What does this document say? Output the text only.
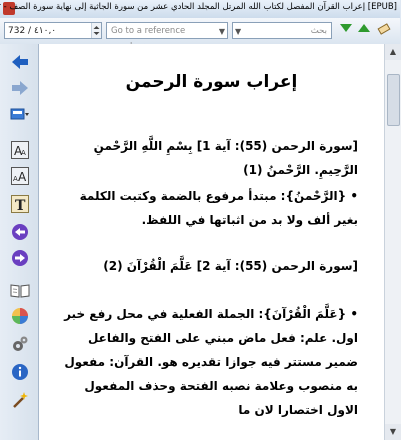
[EPUB] إعراب القرآن المفصل لكتاب الله المرتل المجلد الحادي عشر من سورة الجاثية إلى نهاية سورة الصف -
732 / ٤١٠,٠	Go to a reference	▼ ▼	بحث
A
A
A A
T
إعراب سورة الرحمن
[سورة الرحمن (55): آية 1] بِسْمِ اللَّهِ الرَّحْمنِ الرَّحِيمِ. الرَّحْمنُ (1)
• {الرَّحْمنُ}: مبتدأ مرفوع بالضمة وكتبت الكلمة بغير ألف ولا بد من اثباتها في اللفظ.
[سورة الرحمن (55): آية 2] عَلَّمَ الْقُرْآنَ (2)
• {عَلَّمَ الْقُرْآنَ}: الجملة الفعلية في محل رفع خبر اول. علم: فعل ماض مبني على الفتح والفاعل ضمير مستتر فيه جوازا تقديره هو. القرآن: مفعول به منصوب وعلامة نصبه الفتحة وحذف المفعول الاول اختصارا لان ما
▲
▼
